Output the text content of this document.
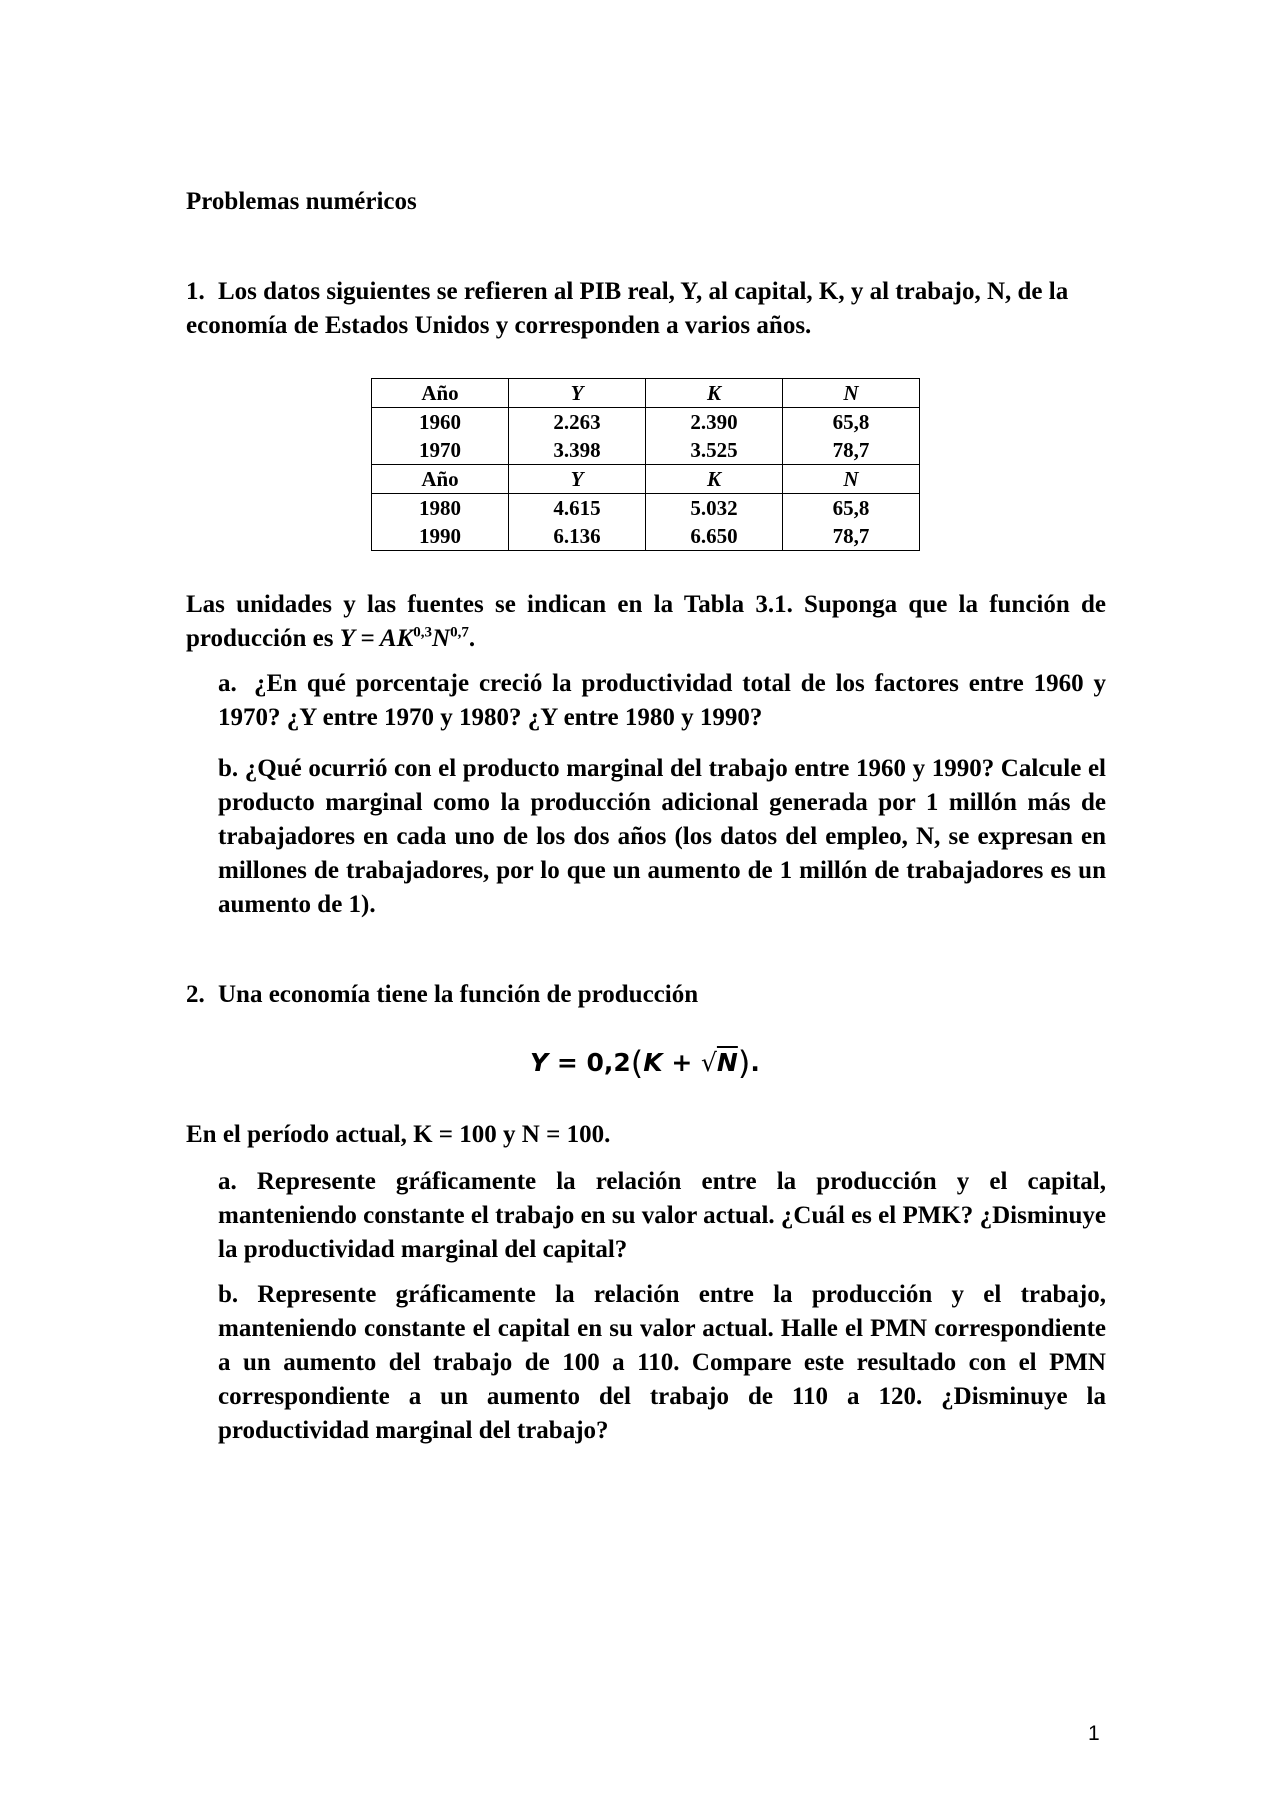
Problemas numéricos
1. Los datos siguientes se refieren al PIB real, Y, al capital, K, y al trabajo, N, de la
economía de Estados Unidos y corresponden a varios años.
Año	Y	K	N
1960	2.263	2.390	65,8
1970	3.398	3.525	78,7
Año	Y	K	N
1980	4.615	5.032	65,8
1990	6.136	6.650	78,7
Las unidades y las fuentes se indican en la Tabla 3.1. Suponga que la función de producción es $Y = AK^{0,3}N^{0,7}$.
a. ¿En qué porcentaje creció la productividad total de los factores entre 1960 y 1970? ¿Y entre 1970 y 1980? ¿Y entre 1980 y 1990?
b. ¿Qué ocurrió con el producto marginal del trabajo entre 1960 y 1990? Calcule el producto marginal como la producción adicional generada por 1 millón más de trabajadores en cada uno de los dos años (los datos del empleo, N, se expresan en millones de trabajadores, por lo que un aumento de 1 millón de trabajadores es un aumento de 1).
2. Una economía tiene la función de producción
Y = 0,2(K + √N).
En el período actual, K = 100 y N = 100.
a. Represente gráficamente la relación entre la producción y el capital, manteniendo constante el trabajo en su valor actual. ¿Cuál es el PMK? ¿Disminuye la productividad marginal del capital?
b. Represente gráficamente la relación entre la producción y el trabajo, manteniendo constante el capital en su valor actual. Halle el PMN correspondiente a un aumento del trabajo de 100 a 110. Compare este resultado con el PMN correspondiente a un aumento del trabajo de 110 a 120. ¿Disminuye la productividad marginal del trabajo?
1
